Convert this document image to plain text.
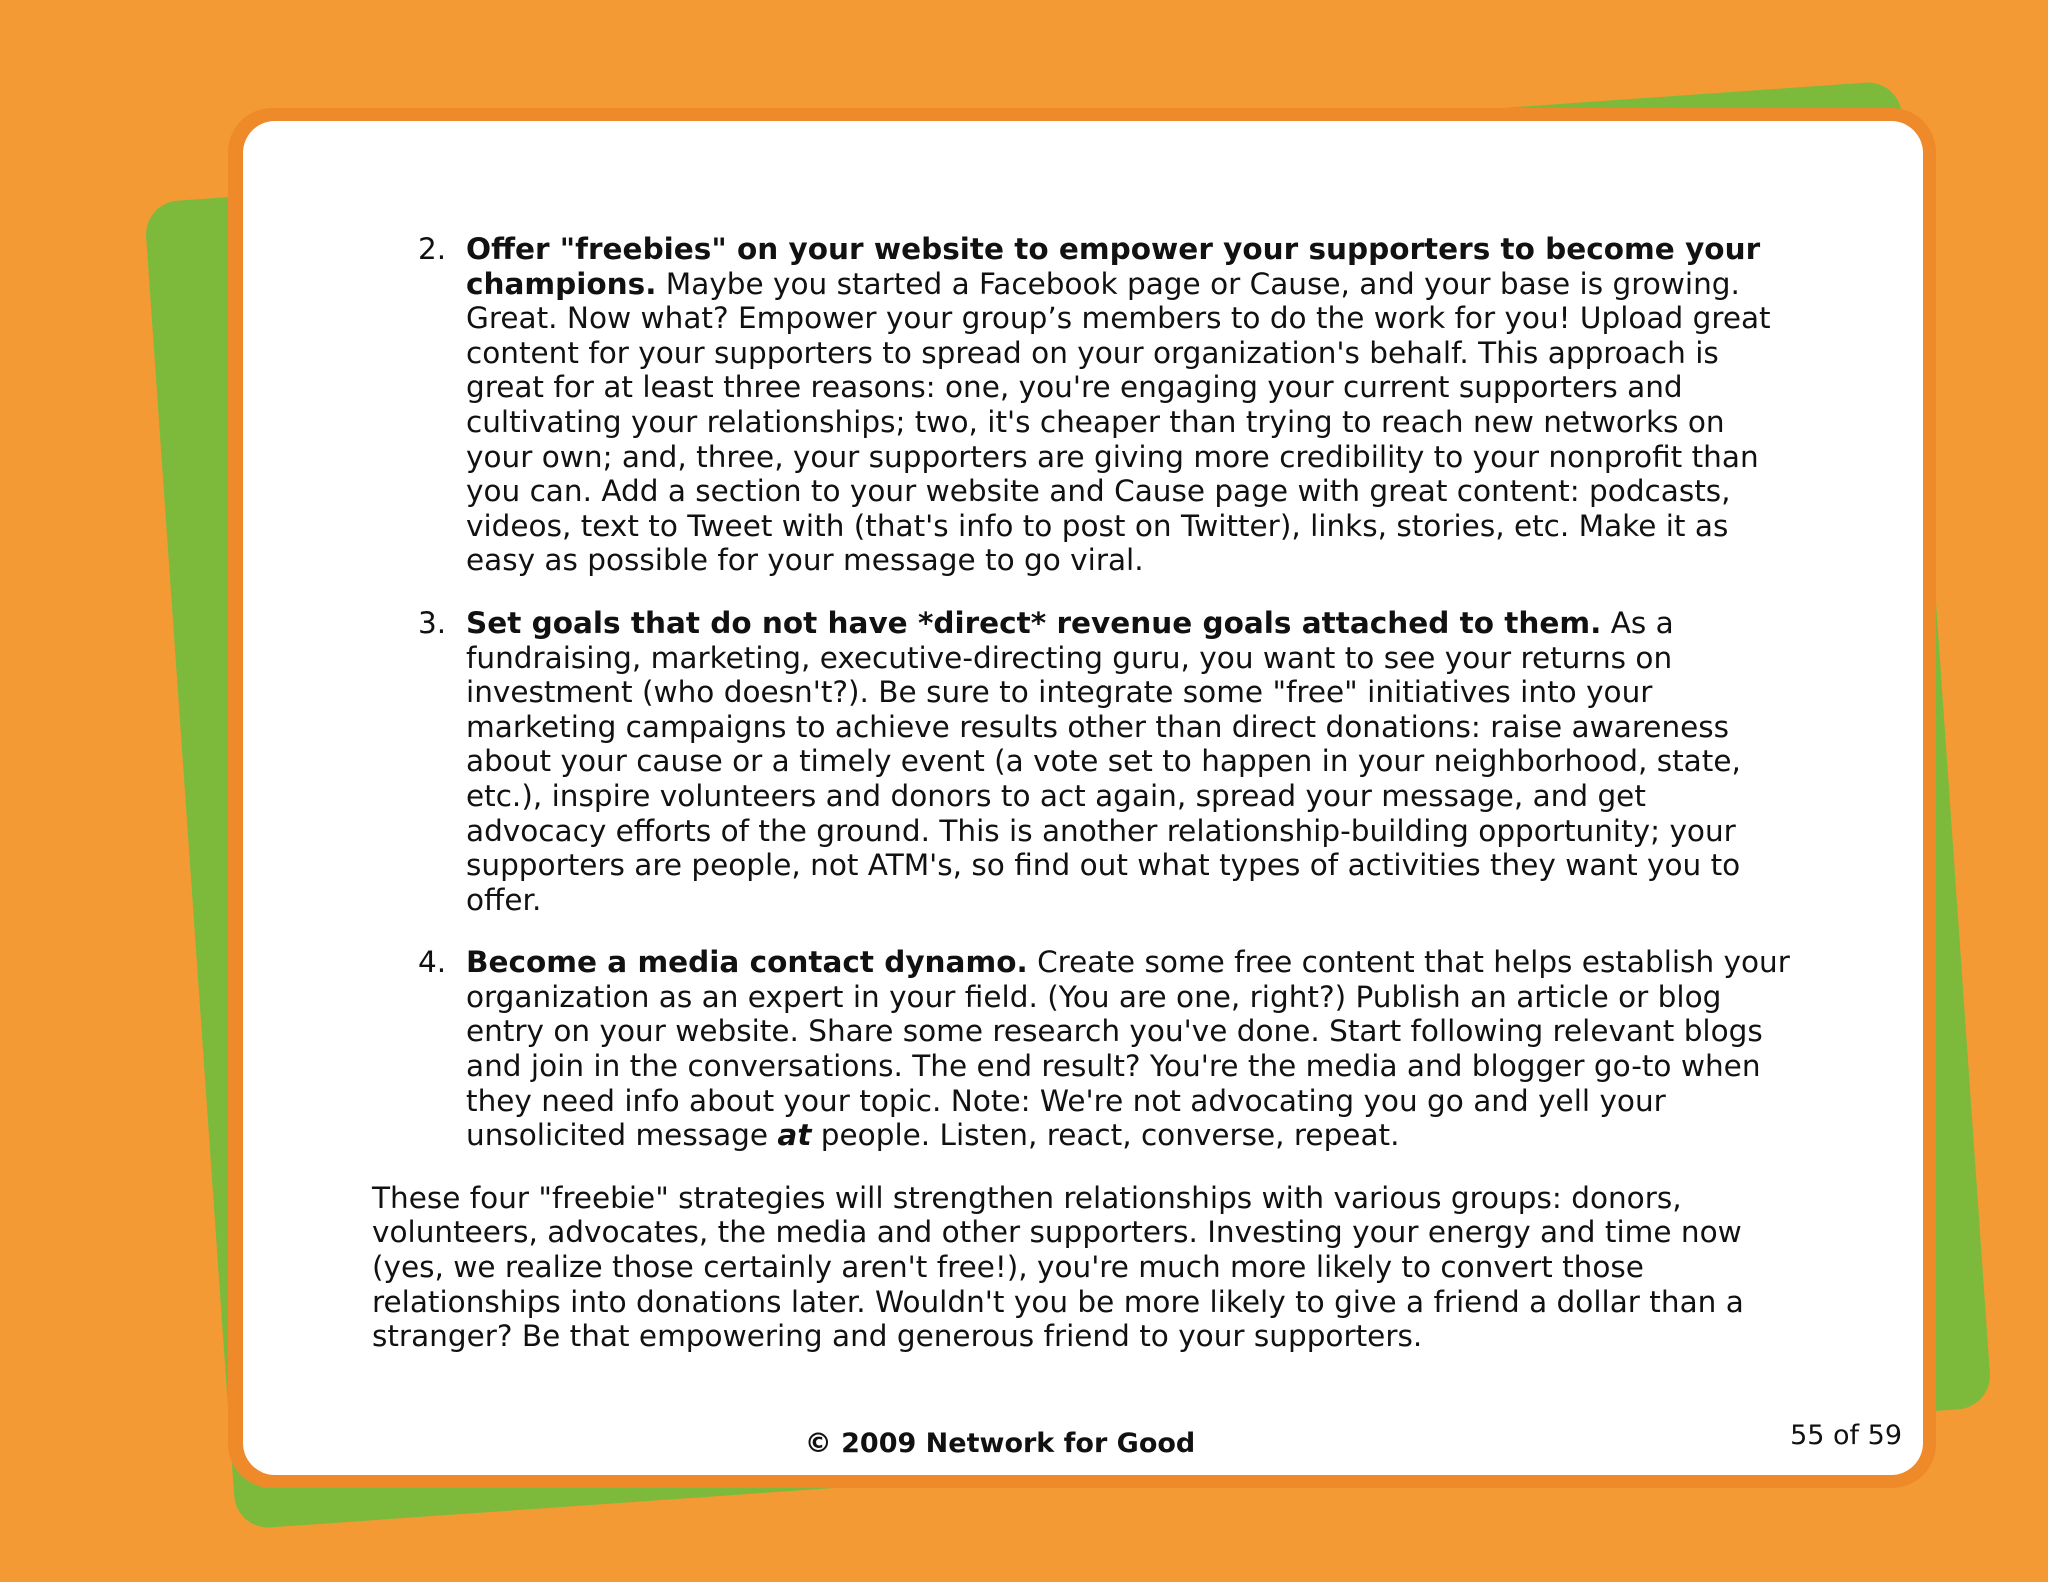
2. Offer "freebies" on your website to empower your supporters to become your champions. Maybe you started a Facebook page or Cause, and your base is growing. Great. Now what? Empower your group’s members to do the work for you! Upload great content for your supporters to spread on your organization's behalf. This approach is great for at least three reasons: one, you're engaging your current supporters and cultivating your relationships; two, it's cheaper than trying to reach new networks on your own; and, three, your supporters are giving more credibility to your nonprofit than you can. Add a section to your website and Cause page with great content: podcasts, videos, text to Tweet with (that's info to post on Twitter), links, stories, etc. Make it as easy as possible for your message to go viral.
3. Set goals that do not have *direct* revenue goals attached to them. As a fundraising, marketing, executive-directing guru, you want to see your returns on investment (who doesn't?). Be sure to integrate some "free" initiatives into your marketing campaigns to achieve results other than direct donations: raise awareness about your cause or a timely event (a vote set to happen in your neighborhood, state, etc.), inspire volunteers and donors to act again, spread your message, and get advocacy efforts of the ground. This is another relationship-building opportunity; your supporters are people, not ATM's, so find out what types of activities they want you to offer.
4. Become a media contact dynamo. Create some free content that helps establish your organization as an expert in your field. (You are one, right?) Publish an article or blog entry on your website. Share some research you've done. Start following relevant blogs and join in the conversations. The end result? You're the media and blogger go-to when they need info about your topic. Note: We're not advocating you go and yell your unsolicited message at people. Listen, react, converse, repeat.

These four "freebie" strategies will strengthen relationships with various groups: donors, volunteers, advocates, the media and other supporters. Investing your energy and time now (yes, we realize those certainly aren't free!), you're much more likely to convert those relationships into donations later. Wouldn't you be more likely to give a friend a dollar than a stranger? Be that empowering and generous friend to your supporters.

© 2009 Network for Good	55 of 59
